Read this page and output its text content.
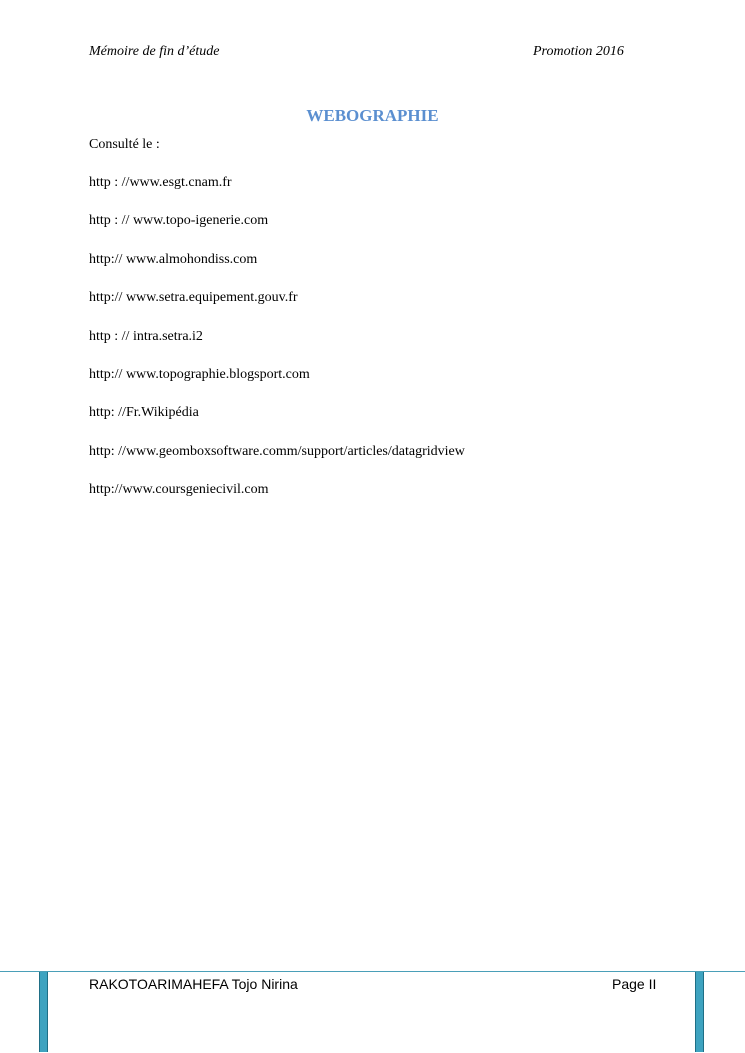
Mémoire de fin d’étude	Promotion 2016
WEBOGRAPHIE
Consulté le :
http : //www.esgt.cnam.fr
http : // www.topo-igenerie.com
http:// www.almohondiss.com
http:// www.setra.equipement.gouv.fr
http : // intra.setra.i2
http:// www.topographie.blogsport.com
http: //Fr.Wikipédia
http: //www.geomboxsoftware.comm/support/articles/datagridview
http://www.coursgeniecivil.com
RAKOTOARIMAHEFA Tojo Nirina	Page II
